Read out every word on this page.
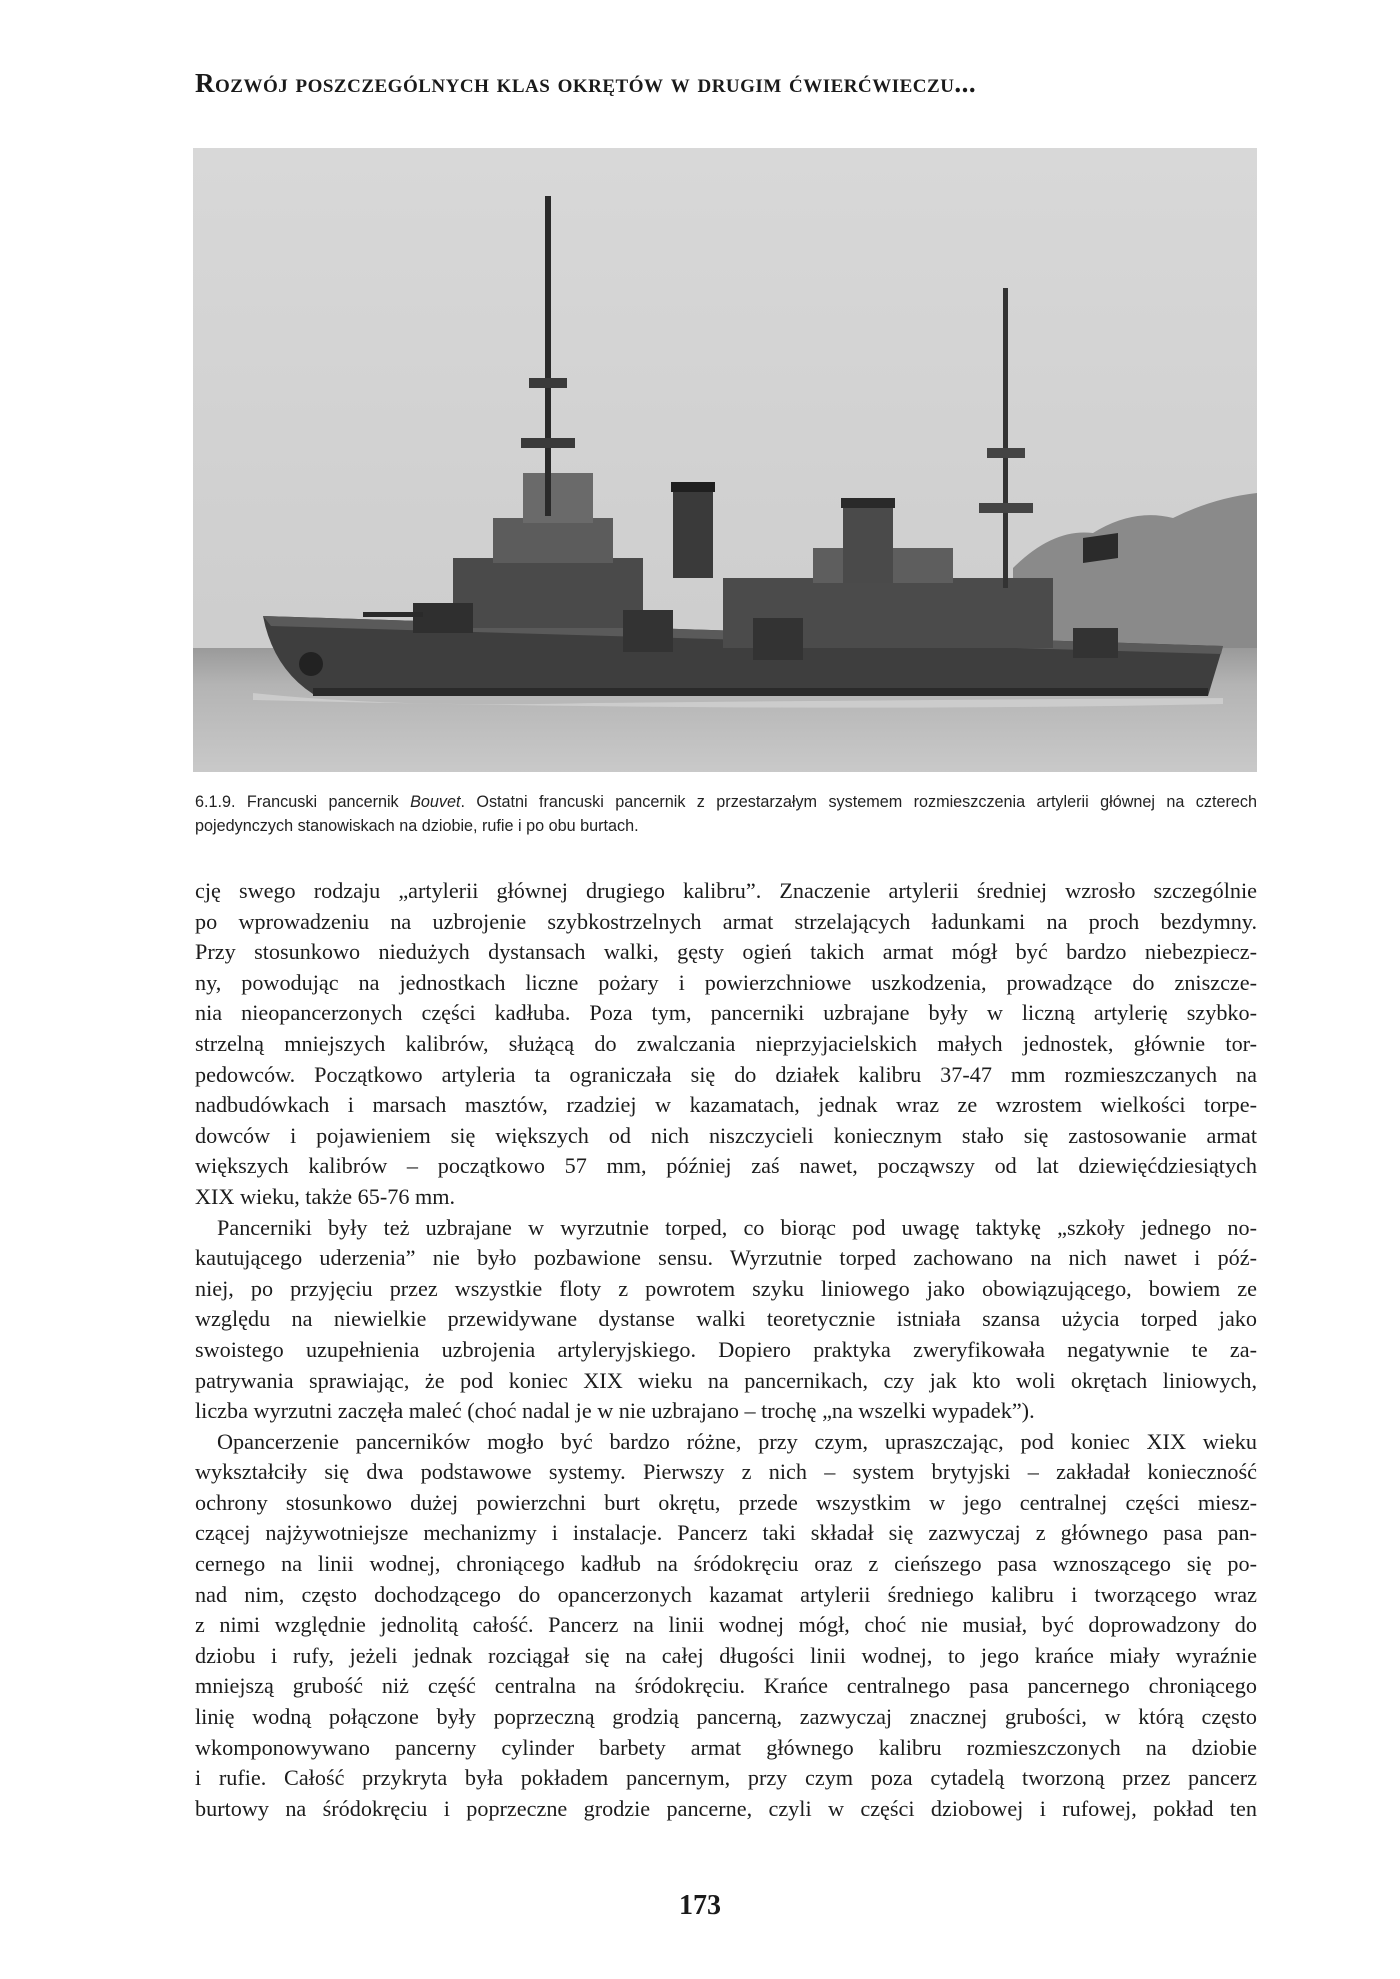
Rozwój poszczególnych klas okrętów w drugim ćwierćwieczu...
6.1.9. Francuski pancernik Bouvet. Ostatni francuski pancernik z przestarzałym systemem rozmieszczenia artylerii głównej na czterech pojedynczych stanowiskach na dziobie, rufie i po obu burtach.

cję swego rodzaju „artylerii głównej drugiego kalibru”. Znaczenie artylerii średniej wzrosło szczególnie

po wprowadzeniu na uzbrojenie szybkostrzelnych armat strzelających ładunkami na proch bezdymny.

Przy stosunkowo niedużych dystansach walki, gęsty ogień takich armat mógł być bardzo niebezpiecz-

ny, powodując na jednostkach liczne pożary i powierzchniowe uszkodzenia, prowadzące do zniszcze-

nia nieopancerzonych części kadłuba. Poza tym, pancerniki uzbrajane były w liczną artylerię szybko-

strzelną mniejszych kalibrów, służącą do zwalczania nieprzyjacielskich małych jednostek, głównie tor-

pedowców. Początkowo artyleria ta ograniczała się do działek kalibru 37-47 mm rozmieszczanych na

nadbudówkach i marsach masztów, rzadziej w kazamatach, jednak wraz ze wzrostem wielkości torpe-

dowców i pojawieniem się większych od nich niszczycieli koniecznym stało się zastosowanie armat

większych kalibrów – początkowo 57 mm, później zaś nawet, począwszy od lat dziewięćdziesiątych

XIX wieku, także 65-76 mm.

Pancerniki były też uzbrajane w wyrzutnie torped, co biorąc pod uwagę taktykę „szkoły jednego no-

kautującego uderzenia” nie było pozbawione sensu. Wyrzutnie torped zachowano na nich nawet i póź-

niej, po przyjęciu przez wszystkie floty z powrotem szyku liniowego jako obowiązującego, bowiem ze

względu na niewielkie przewidywane dystanse walki teoretycznie istniała szansa użycia torped jako

swoistego uzupełnienia uzbrojenia artyleryjskiego. Dopiero praktyka zweryfikowała negatywnie te za-

patrywania sprawiając, że pod koniec XIX wieku na pancernikach, czy jak kto woli okrętach liniowych,

liczba wyrzutni zaczęła maleć (choć nadal je w nie uzbrajano – trochę „na wszelki wypadek”).

Opancerzenie pancerników mogło być bardzo różne, przy czym, upraszczając, pod koniec XIX wieku

wykształciły się dwa podstawowe systemy. Pierwszy z nich – system brytyjski – zakładał konieczność

ochrony stosunkowo dużej powierzchni burt okrętu, przede wszystkim w jego centralnej części miesz-

czącej najżywotniejsze mechanizmy i instalacje. Pancerz taki składał się zazwyczaj z głównego pasa pan-

cernego na linii wodnej, chroniącego kadłub na śródokręciu oraz z cieńszego pasa wznoszącego się po-

nad nim, często dochodzącego do opancerzonych kazamat artylerii średniego kalibru i tworzącego wraz

z nimi względnie jednolitą całość. Pancerz na linii wodnej mógł, choć nie musiał, być doprowadzony do

dziobu i rufy, jeżeli jednak rozciągał się na całej długości linii wodnej, to jego krańce miały wyraźnie

mniejszą grubość niż część centralna na śródokręciu. Krańce centralnego pasa pancernego chroniącego

linię wodną połączone były poprzeczną grodzią pancerną, zazwyczaj znacznej grubości, w którą często

wkomponowywano pancerny cylinder barbety armat głównego kalibru rozmieszczonych na dziobie

i rufie. Całość przykryta była pokładem pancernym, przy czym poza cytadelą tworzoną przez pancerz

burtowy na śródokręciu i poprzeczne grodzie pancerne, czyli w części dziobowej i rufowej, pokład ten

173
